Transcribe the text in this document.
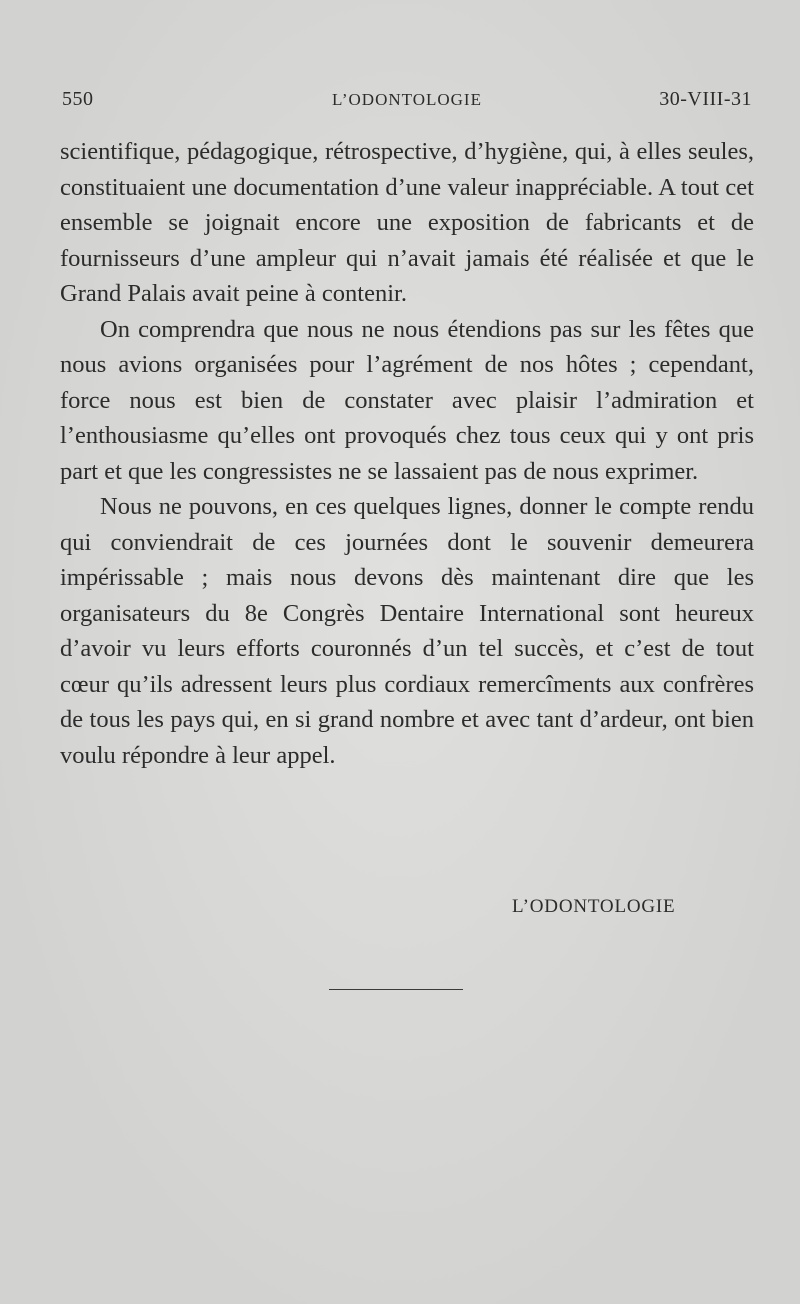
550	L’ODONTOLOGIE	30-VIII-31

scientifique, pédagogique, rétrospective, d’hygiène, qui, à elles seules, constituaient une documentation d’une valeur inappréciable. A tout cet ensemble se joignait encore une exposition de fabricants et de fournisseurs d’une ampleur qui n’avait jamais été réalisée et que le Grand Palais avait peine à contenir.

On comprendra que nous ne nous étendions pas sur les fêtes que nous avions organisées pour l’agrément de nos hôtes ; cependant, force nous est bien de constater avec plaisir l’admiration et l’enthousiasme qu’elles ont provoqués chez tous ceux qui y ont pris part et que les congressistes ne se lassaient pas de nous exprimer.

Nous ne pouvons, en ces quelques lignes, donner le compte rendu qui conviendrait de ces journées dont le souvenir demeurera impérissable ; mais nous devons dès maintenant dire que les organisateurs du 8e Congrès Dentaire International sont heureux d’avoir vu leurs efforts couronnés d’un tel succès, et c’est de tout cœur qu’ils adressent leurs plus cordiaux remercîments aux confrères de tous les pays qui, en si grand nombre et avec tant d’ardeur, ont bien voulu répondre à leur appel.

L’ODONTOLOGIE
